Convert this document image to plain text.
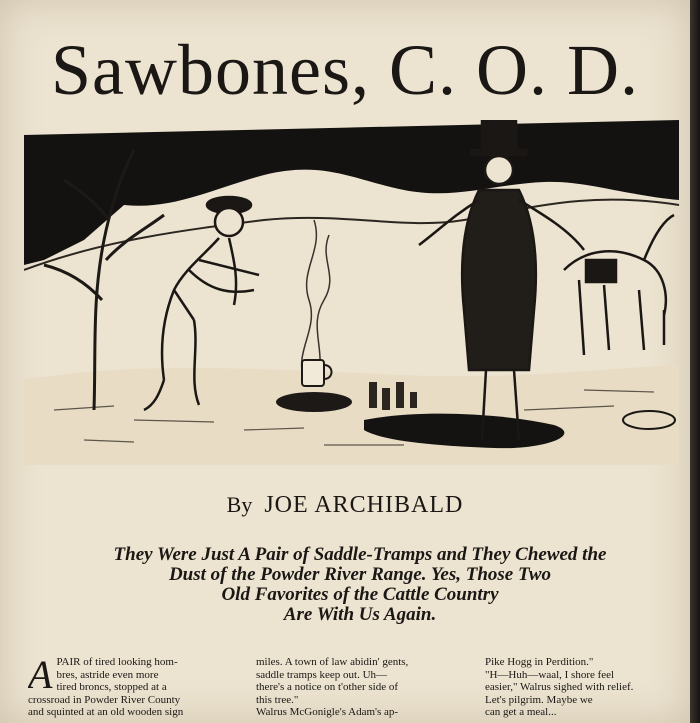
Sawbones, C. O. D.
By JOE ARCHIBALD
They Were Just A Pair of Saddle-Tramps and They Chewed the
Dust of the Powder River Range. Yes, Those Two
Old Favorites of the Cattle Country
Are With Us Again.
A PAIR of tired looking hom-
bres, astride even more
tired broncs, stopped at a
crossroad in Powder River County
and squinted at an old wooden sign
miles. A town of law abidin' gents,
saddle tramps keep out. Uh—
there's a notice on t'other side of
this tree."
Walrus McGonigle's Adam's ap-
Pike Hogg in Perdition."
"H—Huh—waal, I shore feel
easier," Walrus sighed with relief.
Let's pilgrim. Maybe we
can get a meal...
